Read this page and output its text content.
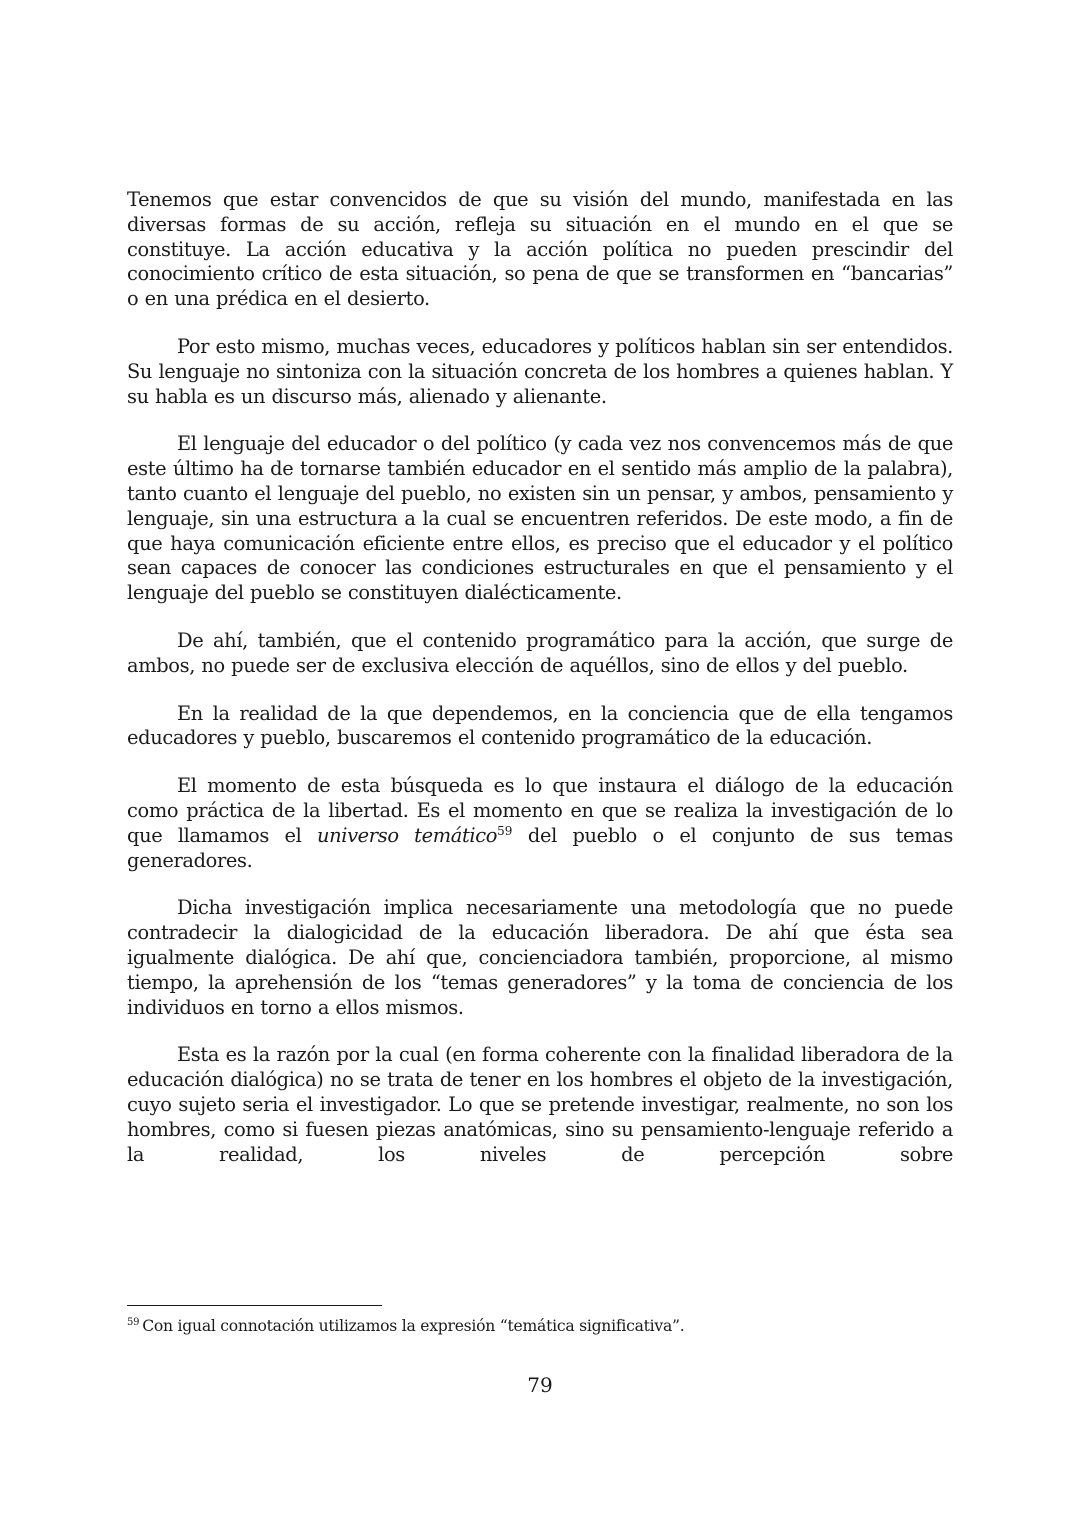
Tenemos que estar convencidos de que su visión del mundo, manifestada en las diversas formas de su acción, refleja su situación en el mundo en el que se constituye. La acción educativa y la acción política no pueden prescindir del conocimiento crítico de esta situación, so pena de que se transformen en “bancarias” o en una prédica en el desierto.

Por esto mismo, muchas veces, educadores y políticos hablan sin ser entendidos. Su lenguaje no sintoniza con la situación concreta de los hombres a quienes hablan. Y su habla es un discurso más, alienado y alienante.

El lenguaje del educador o del político (y cada vez nos convencemos más de que este último ha de tornarse también educador en el sentido más amplio de la palabra), tanto cuanto el lenguaje del pueblo, no existen sin un pensar, y ambos, pensamiento y lenguaje, sin una estructura a la cual se encuentren referidos. De este modo, a fin de que haya comunicación eficiente entre ellos, es preciso que el educador y el político sean capaces de conocer las condiciones estructurales en que el pensamiento y el lenguaje del pueblo se constituyen dialécticamente.

De ahí, también, que el contenido programático para la acción, que surge de ambos, no puede ser de exclusiva elección de aquéllos, sino de ellos y del pueblo.

En la realidad de la que dependemos, en la conciencia que de ella tengamos educadores y pueblo, buscaremos el contenido programático de la educación.

El momento de esta búsqueda es lo que instaura el diálogo de la educación como práctica de la libertad. Es el momento en que se realiza la investigación de lo que llamamos el universo temático$^{59}$ del pueblo o el conjunto de sus temas generadores.

Dicha investigación implica necesariamente una metodología que no puede contradecir la dialogicidad de la educación liberadora. De ahí que ésta sea igualmente dialógica. De ahí que, concienciadora también, proporcione, al mismo tiempo, la aprehensión de los “temas generadores” y la toma de conciencia de los individuos en torno a ellos mismos.

Esta es la razón por la cual (en forma coherente con la finalidad liberadora de la educación dialógica) no se trata de tener en los hombres el objeto de la investigación, cuyo sujeto seria el investigador. Lo que se pretende investigar, realmente, no son los hombres, como si fuesen piezas anatómicas, sino su pensamiento-lenguaje referido a la realidad, los niveles de percepción sobre

$^{59}$ Con igual connotación utilizamos la expresión “temática significativa”.
79
